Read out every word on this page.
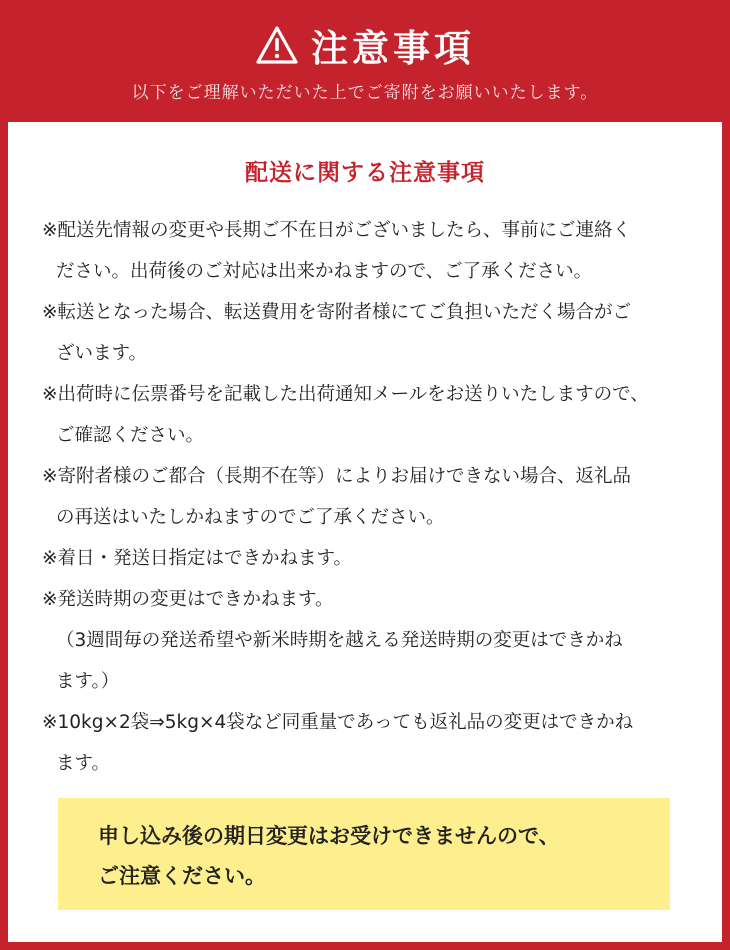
注意事項
以下をご理解いただいた上でご寄附をお願いいたします。
配送に関する注意事項
※配送先情報の変更や長期ご不在日がございましたら、事前にご連絡く
ださい。出荷後のご対応は出来かねますので、ご了承ください。
※転送となった場合、転送費用を寄附者様にてご負担いただく場合がご
ざいます。
※出荷時に伝票番号を記載した出荷通知メールをお送りいたしますので、
ご確認ください。
※寄附者様のご都合（長期不在等）によりお届けできない場合、返礼品
の再送はいたしかねますのでご了承ください。
※着日・発送日指定はできかねます。
※発送時期の変更はできかねます。
（3週間毎の発送希望や新米時期を越える発送時期の変更はできかね
ます。）
※10kg×2袋⇒5kg×4袋など同重量であっても返礼品の変更はできかね
ます。
申し込み後の期日変更はお受けできませんので、
ご注意ください。
